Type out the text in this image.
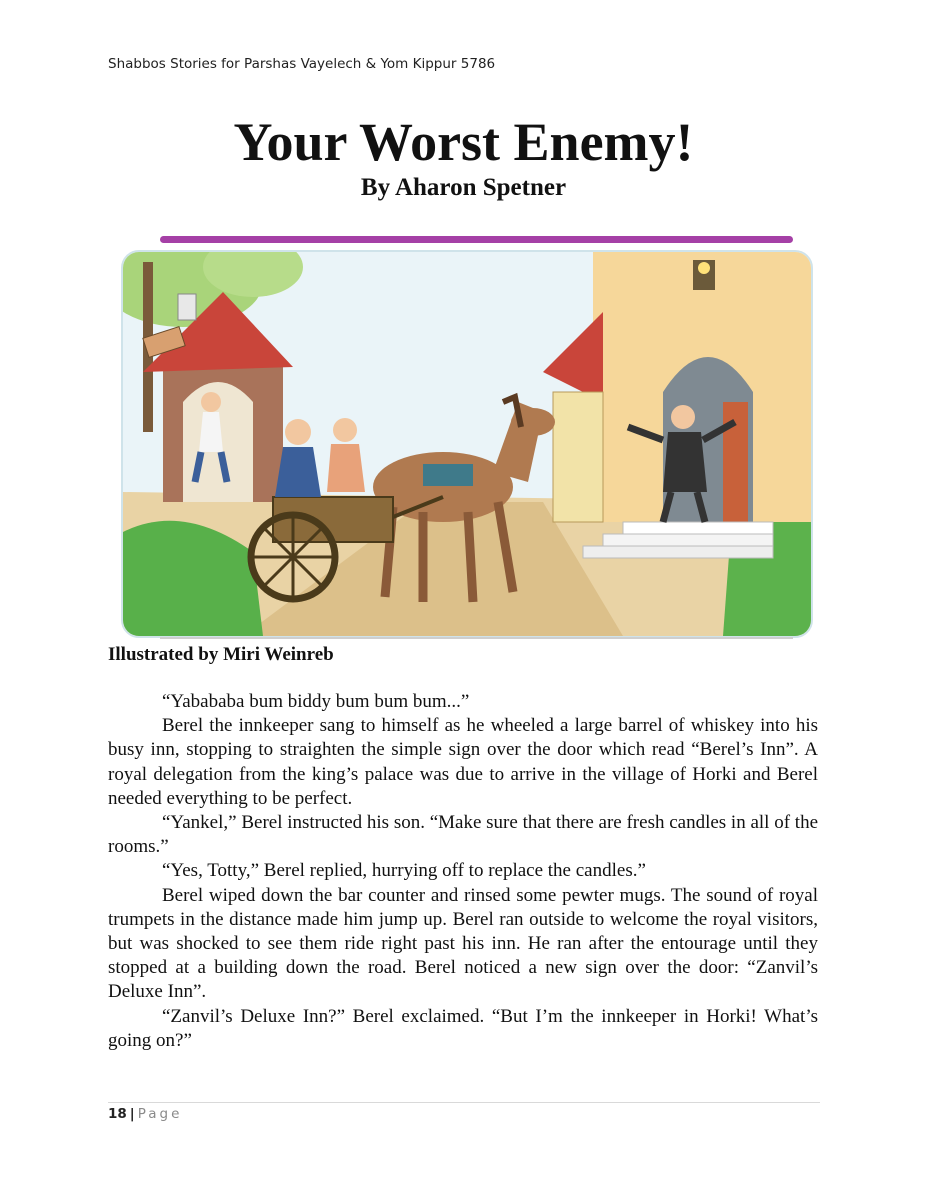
Shabbos Stories for Parshas Vayelech & Yom Kippur 5786
Your Worst Enemy!
By Aharon Spetner
Illustrated by Miri Weinreb

“Yabababa bum biddy bum bum bum...”

Berel the innkeeper sang to himself as he wheeled a large barrel of whiskey into his busy inn, stopping to straighten the simple sign over the door which read “Berel’s Inn”. A royal delegation from the king’s palace was due to arrive in the village of Horki and Berel needed everything to be perfect.

“Yankel,” Berel instructed his son. “Make sure that there are fresh candles in all of the rooms.”

“Yes, Totty,” Berel replied, hurrying off to replace the candles.”

Berel wiped down the bar counter and rinsed some pewter mugs. The sound of royal trumpets in the distance made him jump up. Berel ran outside to welcome the royal visitors, but was shocked to see them ride right past his inn. He ran after the entourage until they stopped at a building down the road. Berel noticed a new sign over the door: “Zanvil’s Deluxe Inn”.

“Zanvil’s Deluxe Inn?” Berel exclaimed. “But I’m the innkeeper in Horki! What’s going on?”

18 | Page
